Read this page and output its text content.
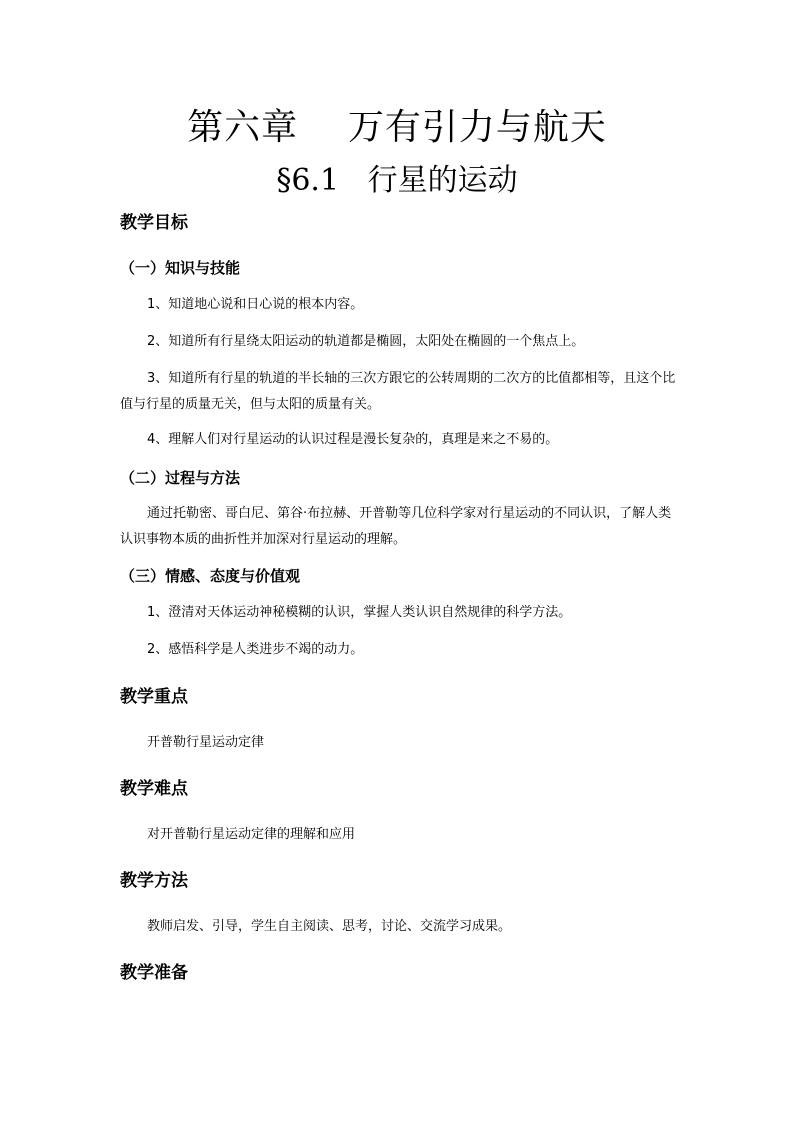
第六章    万有引力与航天
§6.1   行星的运动
教学目标
（一）知识与技能
1、知道地心说和日心说的根本内容。
2、知道所有行星绕太阳运动的轨道都是椭圆，太阳处在椭圆的一个焦点上。
3、知道所有行星的轨道的半长轴的三次方跟它的公转周期的二次方的比值都相等，且这个比值与行星的质量无关，但与太阳的质量有关。
4、理解人们对行星运动的认识过程是漫长复杂的，真理是来之不易的。
（二）过程与方法
通过托勒密、哥白尼、第谷·布拉赫、开普勒等几位科学家对行星运动的不同认识，了解人类认识事物本质的曲折性并加深对行星运动的理解。
（三）情感、态度与价值观
1、澄清对天体运动神秘模糊的认识，掌握人类认识自然规律的科学方法。
2、感悟科学是人类进步不竭的动力。
教学重点
开普勒行星运动定律
教学难点
对开普勒行星运动定律的理解和应用
教学方法
教师启发、引导，学生自主阅读、思考，讨论、交流学习成果。
教学准备
